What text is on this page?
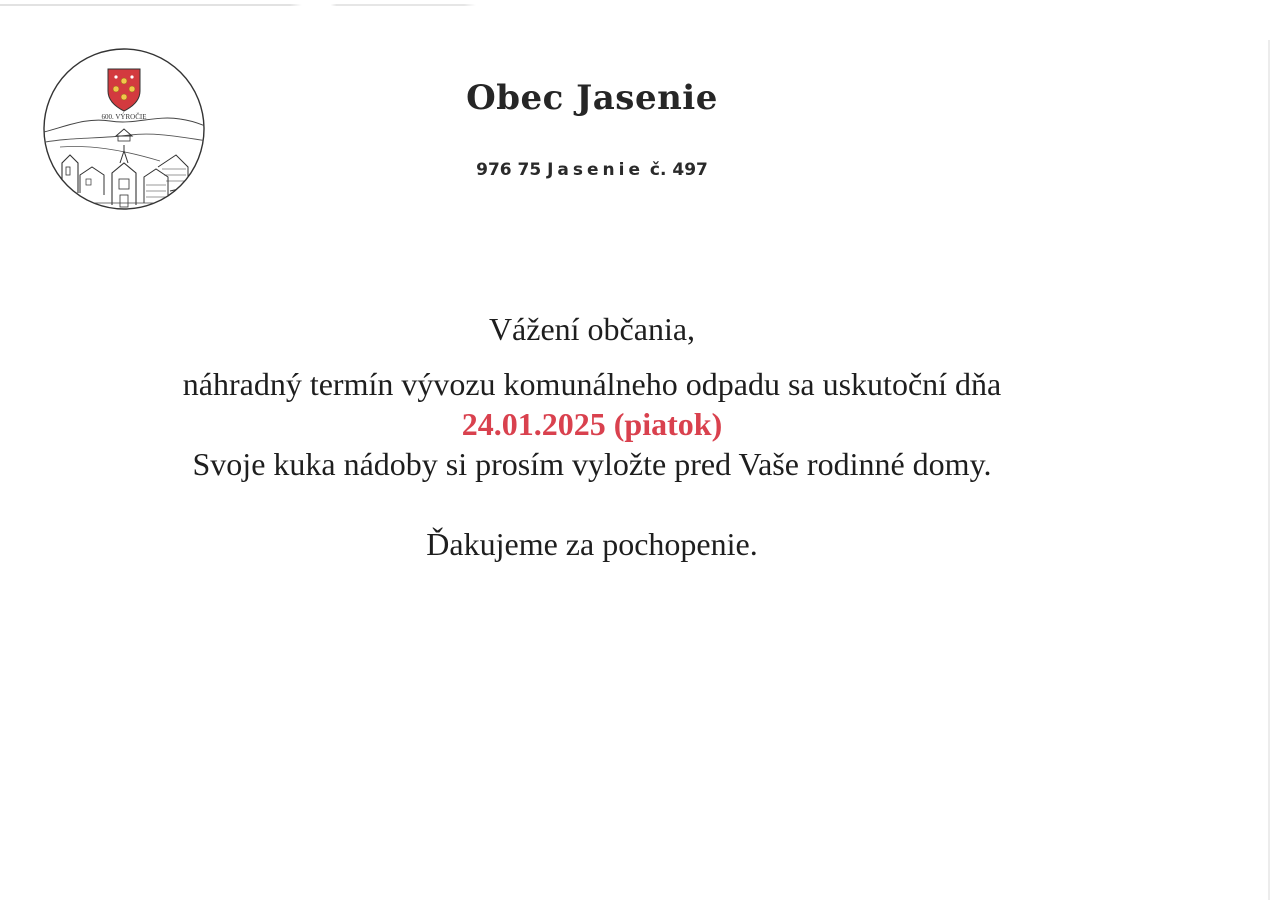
600. VÝROČIE	Obec Jasenie
976 75 Jasenie č. 497
Vážení občania,
náhradný termín vývozu komunálneho odpadu sa uskutoční dňa
24.01.2025 (piatok)
Svoje kuka nádoby si prosím vyložte pred Vaše rodinné domy.
Ďakujeme za pochopenie.
